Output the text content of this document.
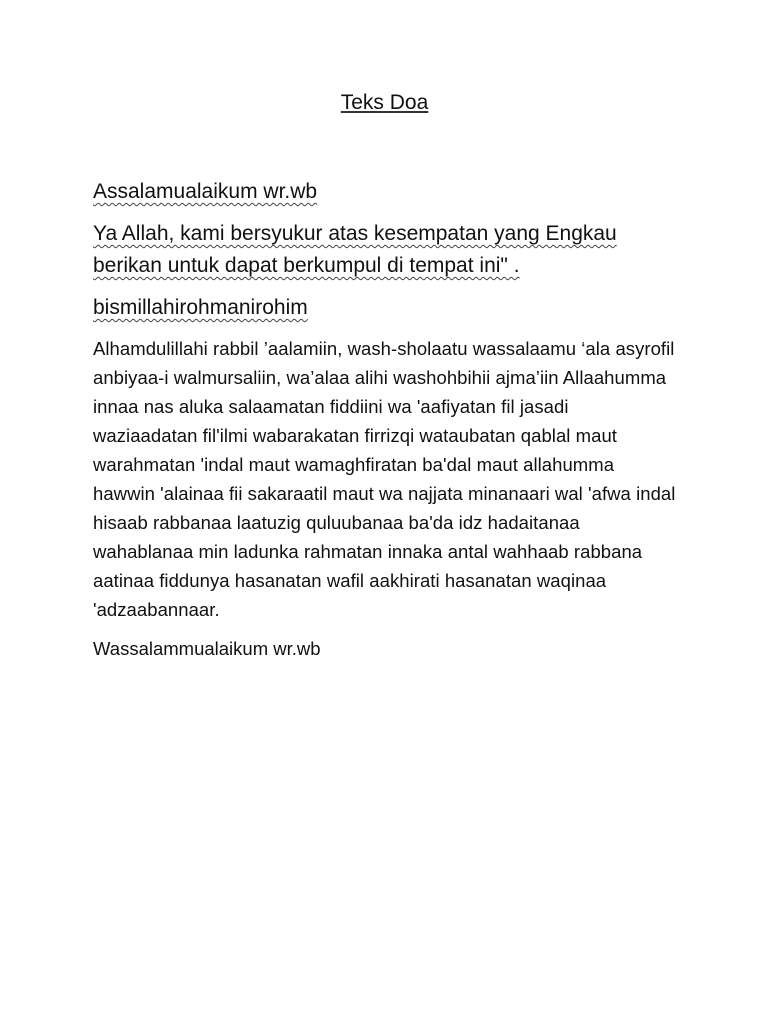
Teks Doa
Assalamualaikum wr.wb
Ya Allah, kami bersyukur atas kesempatan yang Engkau berikan untuk dapat berkumpul di tempat ini" .
bismillahirohmanirohim
Alhamdulillahi rabbil ’aalamiin, wash-sholaatu wassalaamu ‘ala asyrofil anbiyaa-i walmursaliin, wa’alaa alihi washohbihii ajma’iin Allaahumma innaa nas aluka salaamatan fiddiini wa 'aafiyatan fil jasadi waziaadatan fil'ilmi wabarakatan firrizqi wataubatan qablal maut warahmatan 'indal maut wamaghfiratan ba'dal maut allahumma hawwin 'alainaa fii sakaraatil maut wa najjata minanaari wal 'afwa indal hisaab rabbanaa laatuzig quluubanaa ba'da idz hadaitanaa wahablanaa min ladunka rahmatan innaka antal wahhaab rabbana aatinaa fiddunya hasanatan wafil aakhirati hasanatan waqinaa 'adzaabannaar.
Wassalammualaikum wr.wb
